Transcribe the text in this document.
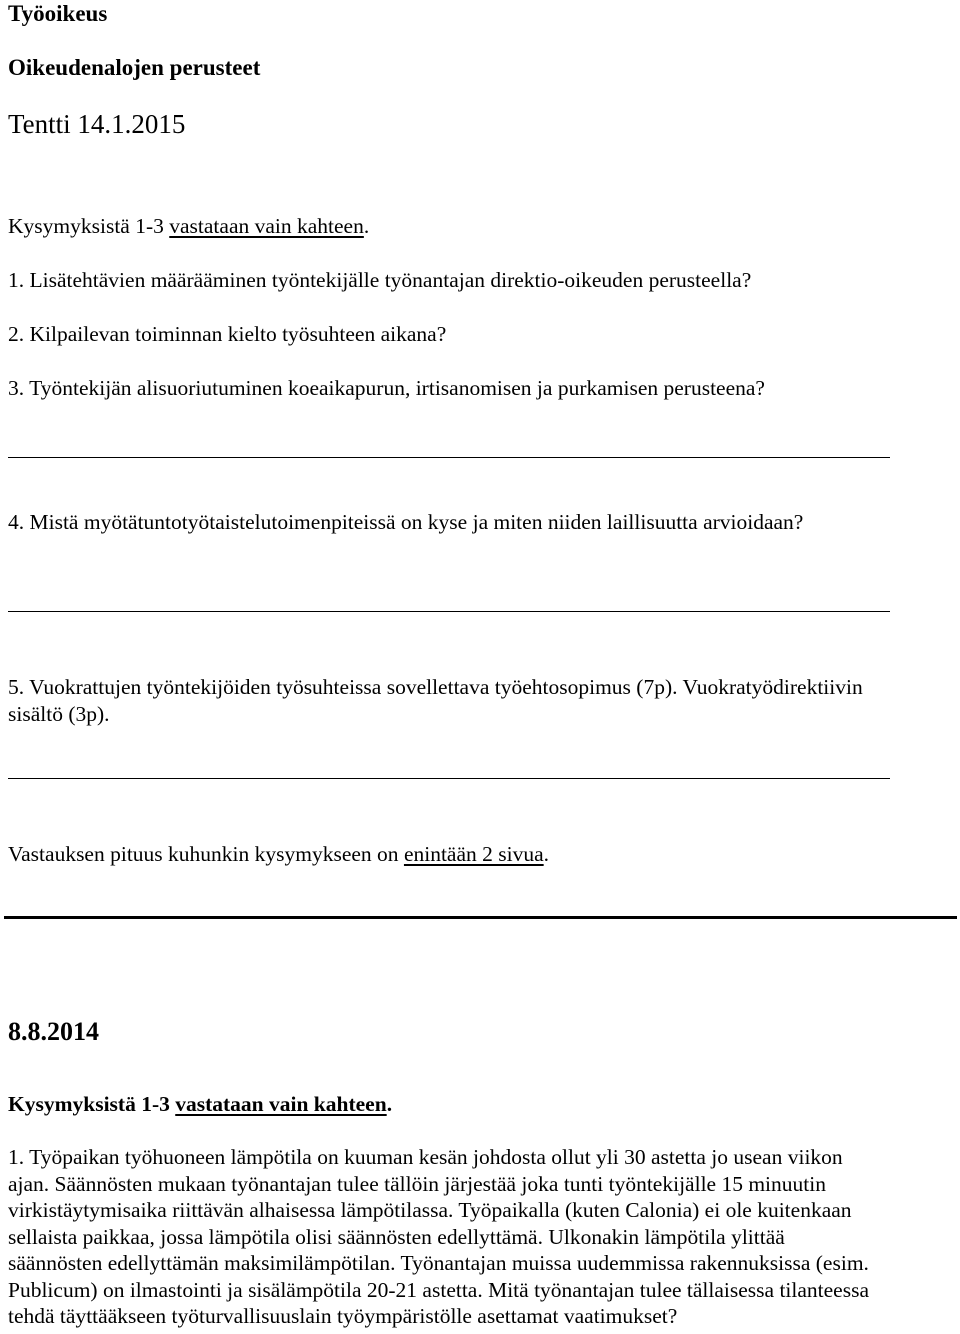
Työoikeus
Oikeudenalojen perusteet
Tentti 14.1.2015
Kysymyksistä 1-3 vastataan vain kahteen.
1. Lisätehtävien määrääminen työntekijälle työnantajan direktio-oikeuden perusteella?
2. Kilpailevan toiminnan kielto työsuhteen aikana?
3. Työntekijän alisuoriutuminen koeaikapurun, irtisanomisen ja purkamisen perusteena?
4. Mistä myötätuntotyötaistelutoimenpiteissä on kyse ja miten niiden laillisuutta arvioidaan?
5. Vuokrattujen työntekijöiden työsuhteissa sovellettava työehtosopimus (7p). Vuokratyödirektiivin
sisältö (3p).
Vastauksen pituus kuhunkin kysymykseen on enintään 2 sivua.
8.8.2014
Kysymyksistä 1-3 vastataan vain kahteen.
1. Työpaikan työhuoneen lämpötila on kuuman kesän johdosta ollut yli 30 astetta jo usean viikon
ajan. Säännösten mukaan työnantajan tulee tällöin järjestää joka tunti työntekijälle 15 minuutin
virkistäytymisaika riittävän alhaisessa lämpötilassa. Työpaikalla (kuten Calonia) ei ole kuitenkaan
sellaista paikkaa, jossa lämpötila olisi säännösten edellyttämä. Ulkonakin lämpötila ylittää
säännösten edellyttämän maksimilämpötilan. Työnantajan muissa uudemmissa rakennuksissa (esim.
Publicum) on ilmastointi ja sisälämpötila 20-21 astetta. Mitä työnantajan tulee tällaisessa tilanteessa
tehdä täyttääkseen työturvallisuuslain työympäristölle asettamat vaatimukset?
